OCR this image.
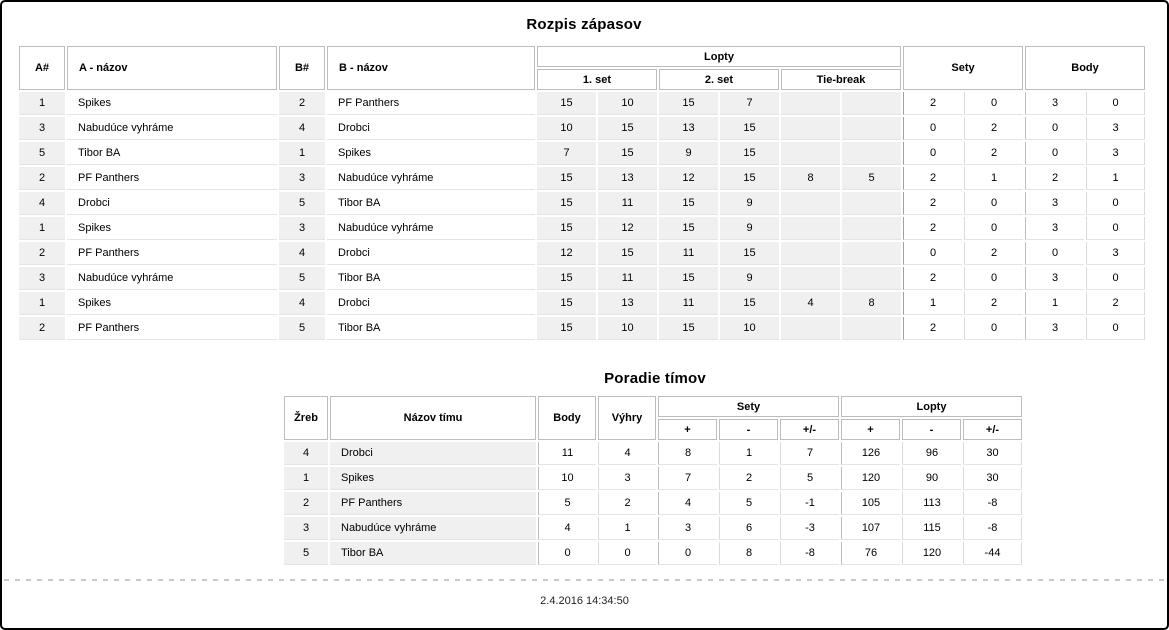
Rozpis zápasov
A#	A - názov	B#	B - názov	Lopty						Sety		Body	
				1. set		2. set		Tie-break					
1	Spikes	2	PF Panthers	15	10	15	7			2	0	3	0
3	Nabudúce vyhráme	4	Drobci	10	15	13	15			0	2	0	3
5	Tibor BA	1	Spikes	7	15	9	15			0	2	0	3
2	PF Panthers	3	Nabudúce vyhráme	15	13	12	15	8	5	2	1	2	1
4	Drobci	5	Tibor BA	15	11	15	9			2	0	3	0
1	Spikes	3	Nabudúce vyhráme	15	12	15	9			2	0	3	0
2	PF Panthers	4	Drobci	12	15	11	15			0	2	0	3
3	Nabudúce vyhráme	5	Tibor BA	15	11	15	9			2	0	3	0
1	Spikes	4	Drobci	15	13	11	15	4	8	1	2	1	2
2	PF Panthers	5	Tibor BA	15	10	15	10			2	0	3	0
Poradie tímov
Žreb	Názov tímu	Body	Výhry	Sety			Lopty		
				+	-	+/-	+	-	+/-
4	Drobci	11	4	8	1	7	126	96	30
1	Spikes	10	3	7	2	5	120	90	30
2	PF Panthers	5	2	4	5	-1	105	113	-8
3	Nabudúce vyhráme	4	1	3	6	-3	107	115	-8
5	Tibor BA	0	0	0	8	-8	76	120	-44
2.4.2016 14:34:50
